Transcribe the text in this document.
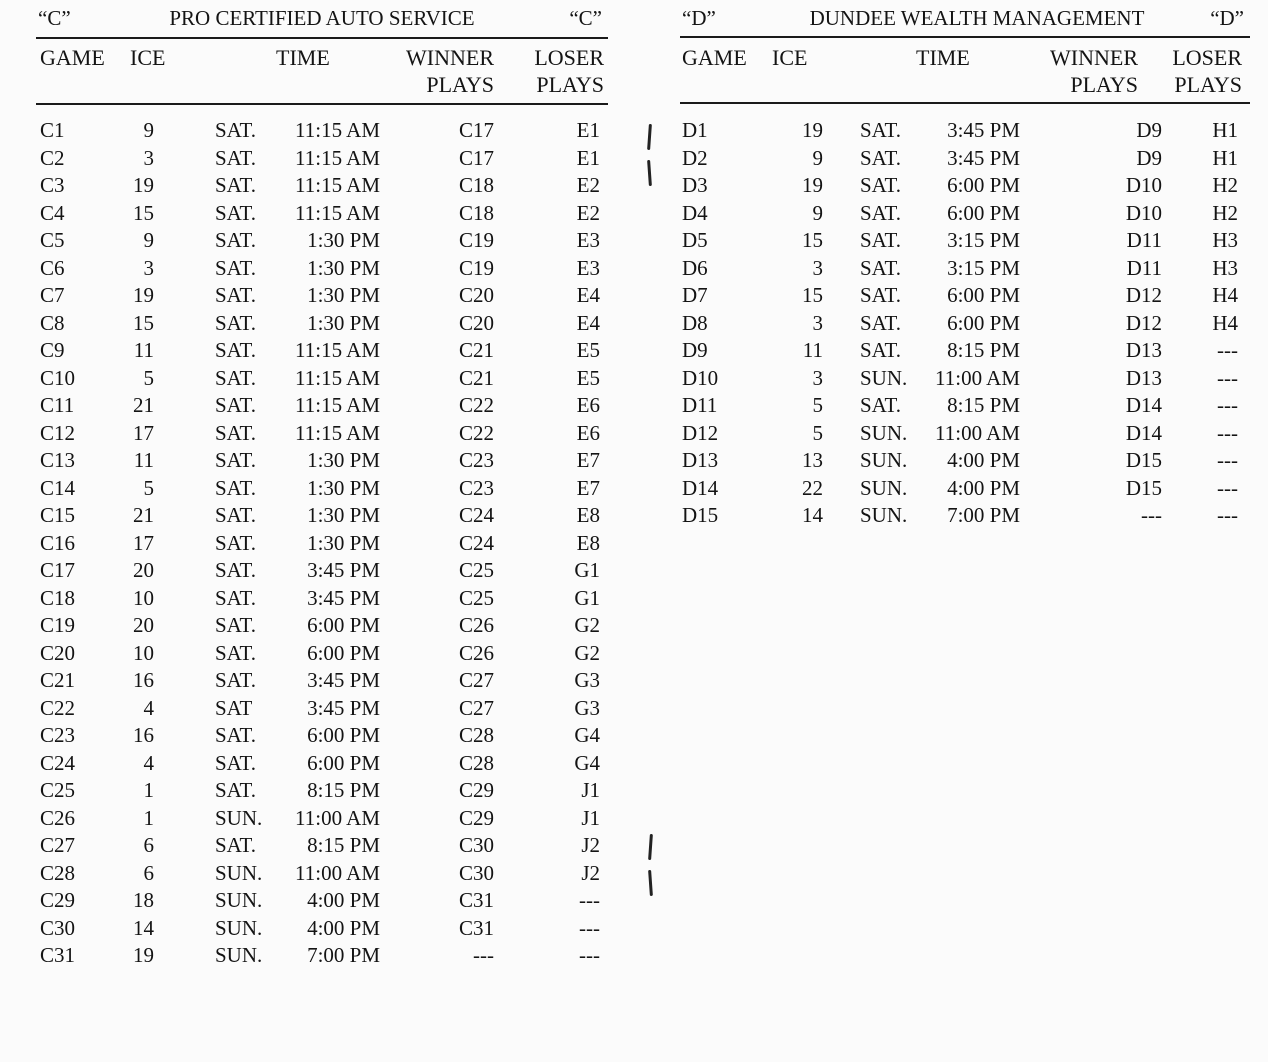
“C”	PRO CERTIFIED AUTO SERVICE	“C”
GAME ICE	TIME	WINNER
PLAYS
LOSER
PLAYS
C1	9	SAT. 11:15 AM	C17	E1
C2	3	SAT. 11:15 AM	C17	E1
C3	19	SAT. 11:15 AM	C18	E2
C4	15	SAT. 11:15 AM	C18	E2
C5	9	SAT. 1:30 PM	C19	E3
C6	3	SAT. 1:30 PM	C19	E3
C7	19	SAT. 1:30 PM	C20	E4
C8	15	SAT. 1:30 PM	C20	E4
C9	11	SAT. 11:15 AM	C21	E5
C10	5	SAT. 11:15 AM	C21	E5
C11	21	SAT. 11:15 AM	C22	E6
C12	17	SAT. 11:15 AM	C22	E6
C13	11	SAT. 1:30 PM	C23	E7
C14	5	SAT. 1:30 PM	C23	E7
C15	21	SAT. 1:30 PM	C24	E8
C16	17	SAT. 1:30 PM	C24	E8
C17	20	SAT. 3:45 PM	C25	G1
C18	10	SAT. 3:45 PM	C25	G1
C19	20	SAT. 6:00 PM	C26	G2
C20	10	SAT. 6:00 PM	C26	G2
C21	16	SAT. 3:45 PM	C27	G3
C22	4	SAT	3:45 PM	C27	G3
C23	16	SAT. 6:00 PM	C28	G4
C24	4	SAT. 6:00 PM	C28	G4
C25	1	SAT. 8:15 PM	C29	J1
C26	1	SUN. 11:00 AM	C29	J1
C27	6	SAT. 8:15 PM	C30	J2
C28	6	SUN. 11:00 AM	C30	J2
C29	18	SUN. 4:00 PM	C31	---
C30	14	SUN. 4:00 PM	C31	---
C31	19	SUN. 7:00 PM	---	---
“D”	DUNDEE WEALTH MANAGEMENT	“D”
GAME ICE	TIME	WINNER
PLAYS
LOSER
PLAYS
D1	19 SAT. 3:45 PM	D9 H1
D2	9 SAT. 3:45 PM	D9 H1
D3	19 SAT. 6:00 PM	D10 H2
D4	9 SAT. 6:00 PM	D10 H2
D5	15 SAT. 3:15 PM	D11 H3
D6	3 SAT. 3:15 PM	D11 H3
D7	15 SAT. 6:00 PM	D12 H4
D8	3 SAT. 6:00 PM	D12 H4
D9	11 SAT. 8:15 PM	D13	---
D10	3 SUN. 11:00 AM	D13	---
D11	5 SAT. 8:15 PM	D14	---
D12	5 SUN. 11:00 AM	D14	---
D13	13 SUN. 4:00 PM	D15	---
D14	22 SUN. 4:00 PM	D15	---
D15	14 SUN. 7:00 PM	---	---
